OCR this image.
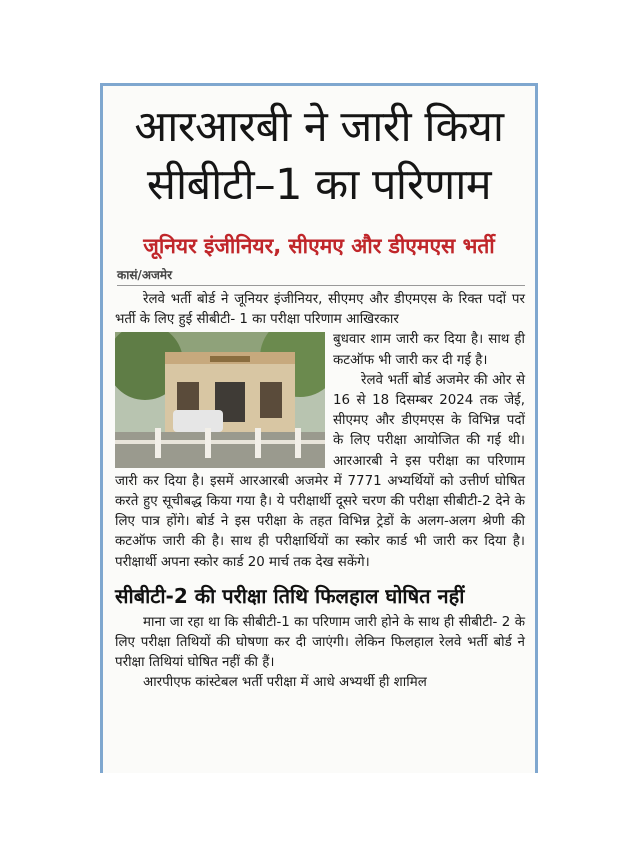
आरआरबी ने जारी किया
सीबीटी–1 का परिणाम
जूनियर इंजीनियर, सीएमए और डीएमएस भर्ती
कासं/अजमेर

रेलवे भर्ती बोर्ड ने जूनियर इंजीनियर, सीएमए और डीएमएस के रिक्त पदों पर भर्ती के लिए हुई सीबीटी- 1 का परीक्षा परिणाम आखिरकार

बुधवार शाम जारी कर दिया है। साथ ही कटऑफ भी जारी कर दी गई है।

रेलवे भर्ती बोर्ड अजमेर की ओर से 16 से 18 दिसम्बर 2024 तक जेई, सीएमए और डीएमएस के विभिन्न पदों के लिए परीक्षा आयोजित की गई थी। आरआरबी ने इस परीक्षा का परिणाम जारी कर दिया है। इसमें आरआरबी अजमेर में 7771 अभ्यर्थियों को उत्तीर्ण घोषित करते हुए सूचीबद्ध किया गया है। ये परीक्षार्थी दूसरे चरण की परीक्षा सीबीटी-2 देने के लिए पात्र होंगे। बोर्ड ने इस परीक्षा के तहत विभिन्न ट्रेडों के अलग-अलग श्रेणी की कटऑफ जारी की है। साथ ही परीक्षार्थियों का स्कोर कार्ड भी जारी कर दिया है। परीक्षार्थी अपना स्कोर कार्ड 20 मार्च तक देख सकेंगे।

सीबीटी-2 की परीक्षा तिथि फिलहाल घोषित नहीं

माना जा रहा था कि सीबीटी-1 का परिणाम जारी होने के साथ ही सीबीटी- 2 के लिए परीक्षा तिथियों की घोषणा कर दी जाएंगी। लेकिन फिलहाल रेलवे भर्ती बोर्ड ने परीक्षा तिथियां घोषित नहीं की हैं।

आरपीएफ कांस्टेबल भर्ती परीक्षा में आधे अभ्यर्थी ही शामिल
